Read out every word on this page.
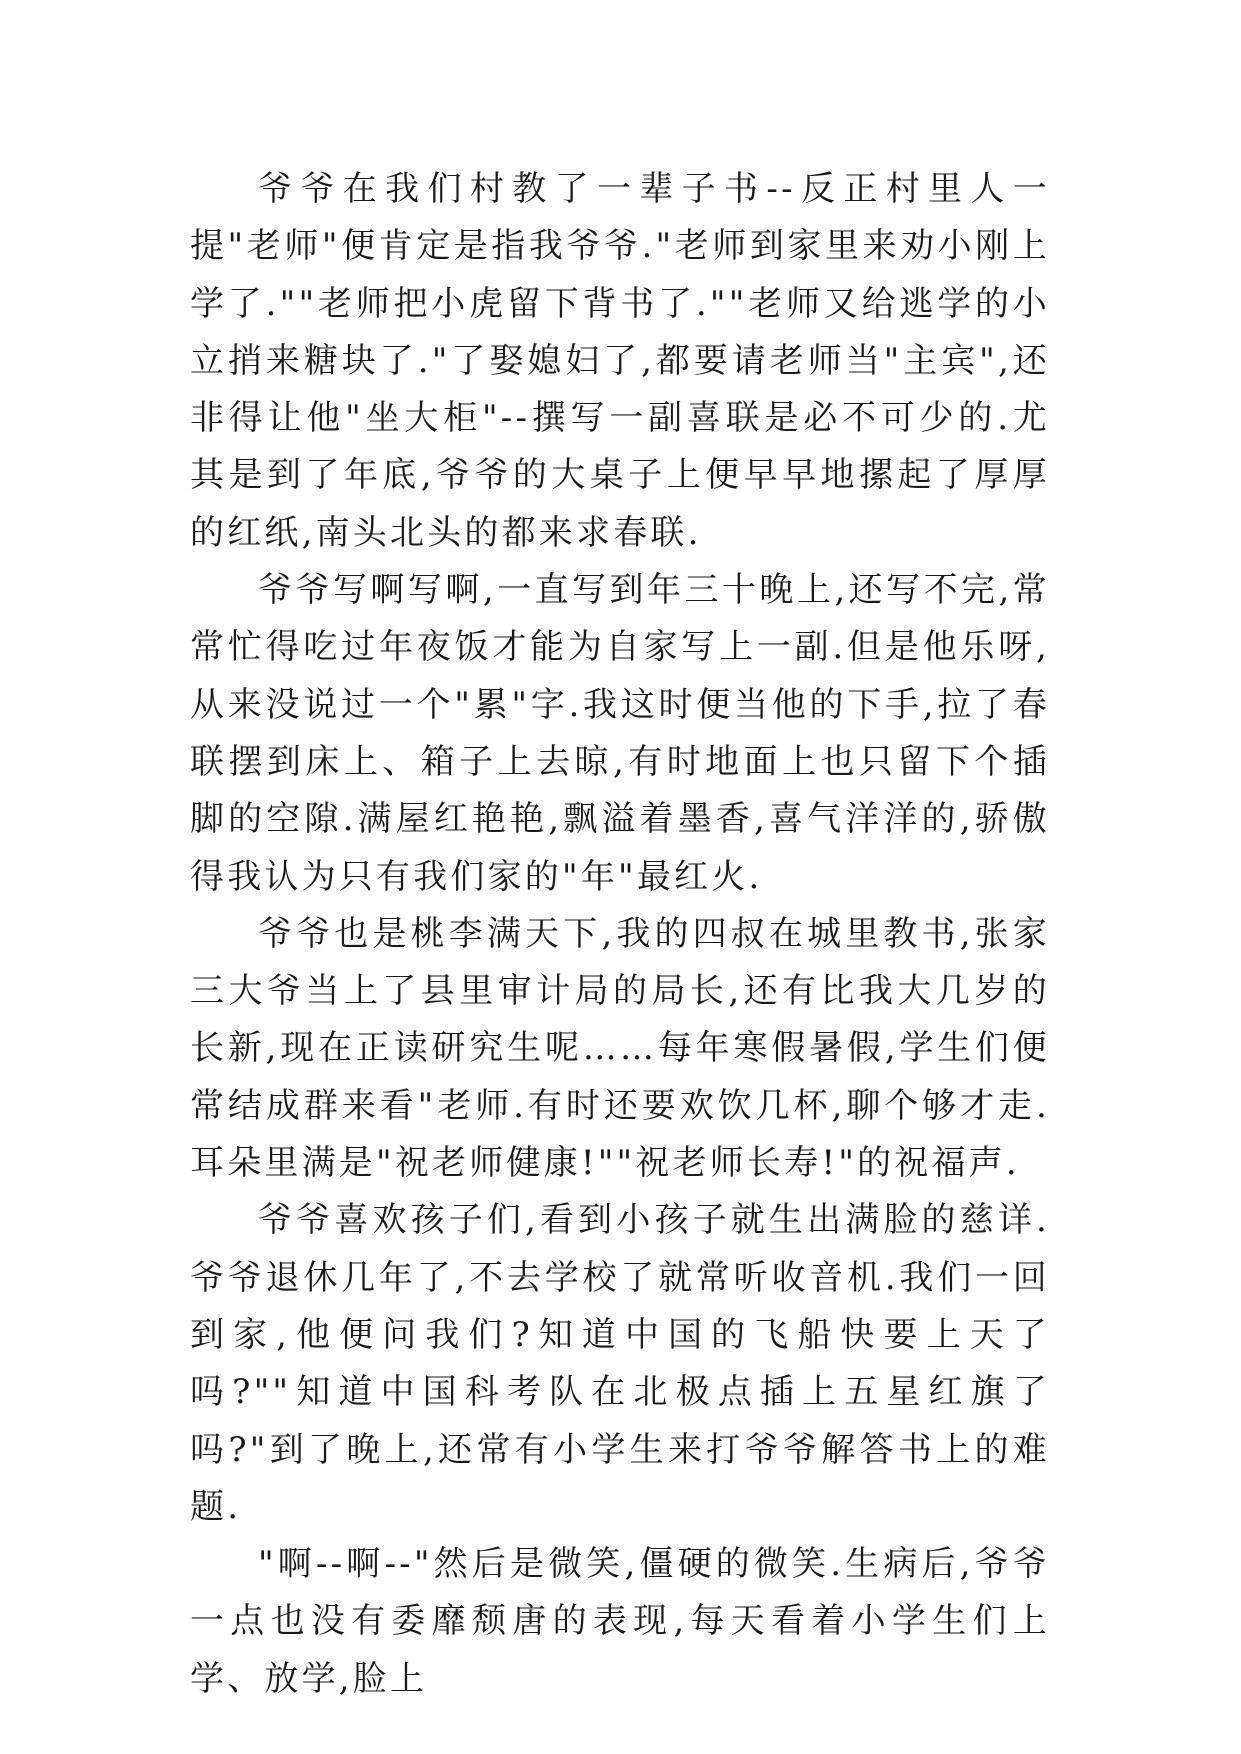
爷爷在我们村教了一辈子书--反正村里人一提"老师"便肯定是指我爷爷."老师到家里来劝小刚上学了.""老师把小虎留下背书了.""老师又给逃学的小立捎来糖块了."了娶媳妇了,都要请老师当"主宾",还非得让他"坐大柜"--撰写一副喜联是必不可少的.尤其是到了年底,爷爷的大桌子上便早早地摞起了厚厚的红纸,南头北头的都来求春联.

爷爷写啊写啊,一直写到年三十晚上,还写不完,常常忙得吃过年夜饭才能为自家写上一副.但是他乐呀,从来没说过一个"累"字.我这时便当他的下手,拉了春联摆到床上、箱子上去晾,有时地面上也只留下个插脚的空隙.满屋红艳艳,飘溢着墨香,喜气洋洋的,骄傲得我认为只有我们家的"年"最红火.

爷爷也是桃李满天下,我的四叔在城里教书,张家三大爷当上了县里审计局的局长,还有比我大几岁的长新,现在正读研究生呢……每年寒假暑假,学生们便常结成群来看"老师.有时还要欢饮几杯,聊个够才走.耳朵里满是"祝老师健康!""祝老师长寿!"的祝福声.

爷爷喜欢孩子们,看到小孩子就生出满脸的慈详.爷爷退休几年了,不去学校了就常听收音机.我们一回到家,他便问我们?知道中国的飞船快要上天了吗?""知道中国科考队在北极点插上五星红旗了吗?"到了晚上,还常有小学生来打爷爷解答书上的难题.

"啊--啊--"然后是微笑,僵硬的微笑.生病后,爷爷一点也没有委靡颓唐的表现,每天看着小学生们上学、放学,脸上
